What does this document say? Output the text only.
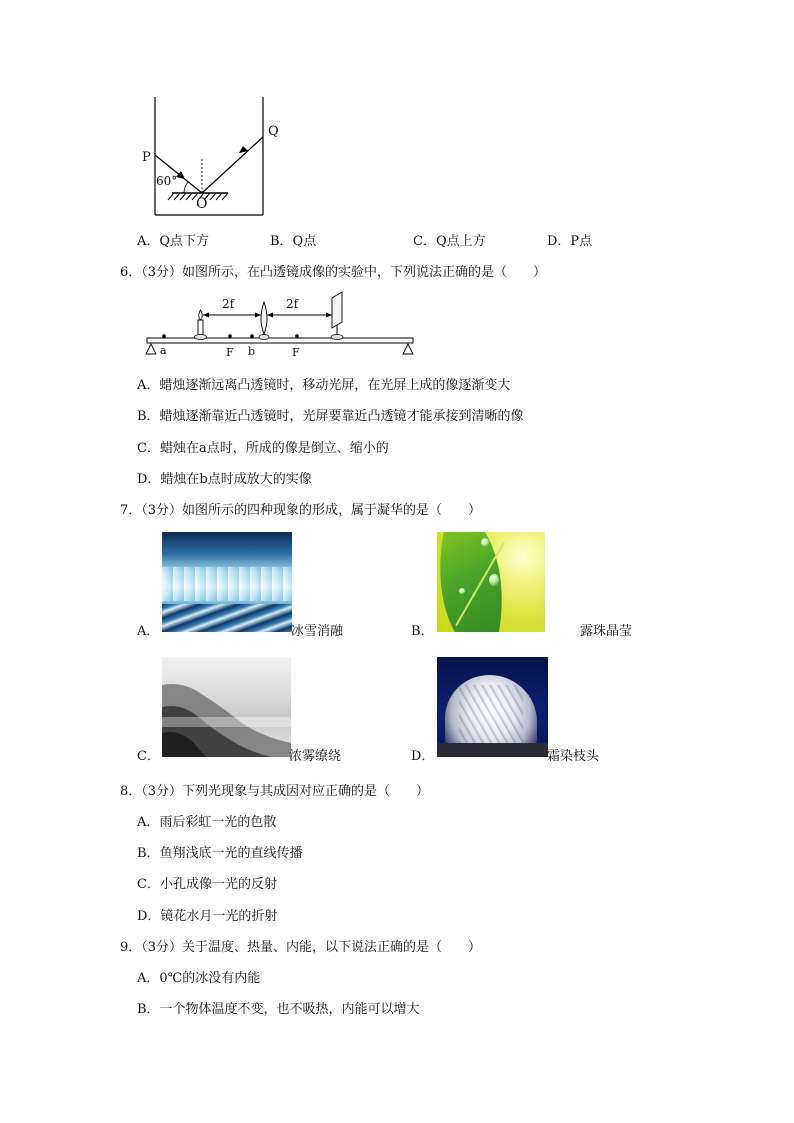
P
Q
60°
O
A．Q点下方	B．Q点	C．Q点上方	D．P点
6．（3分）如图所示，在凸透镜成像的实验中，下列说法正确的是（　　）
2f	2f
a	F b	F
A．蜡烛逐渐远离凸透镜时，移动光屏，在光屏上成的像逐渐变大
B．蜡烛逐渐靠近凸透镜时，光屏要靠近凸透镜才能承接到清晰的像
C．蜡烛在a点时，所成的像是倒立、缩小的
D．蜡烛在b点时成放大的实像
7．（3分）如图所示的四种现象的形成，属于凝华的是（　　）
A．	冰雪消融	B．	露珠晶莹
C．	浓雾缭绕	D．	霜染枝头
8．（3分）下列光现象与其成因对应正确的是（　　）
A．雨后彩虹一光的色散
B．鱼翔浅底一光的直线传播
C．小孔成像一光的反射
D．镜花水月一光的折射
9．（3分）关于温度、热量、内能，以下说法正确的是（　　）
A．0℃的冰没有内能
B．一个物体温度不变，也不吸热，内能可以增大
